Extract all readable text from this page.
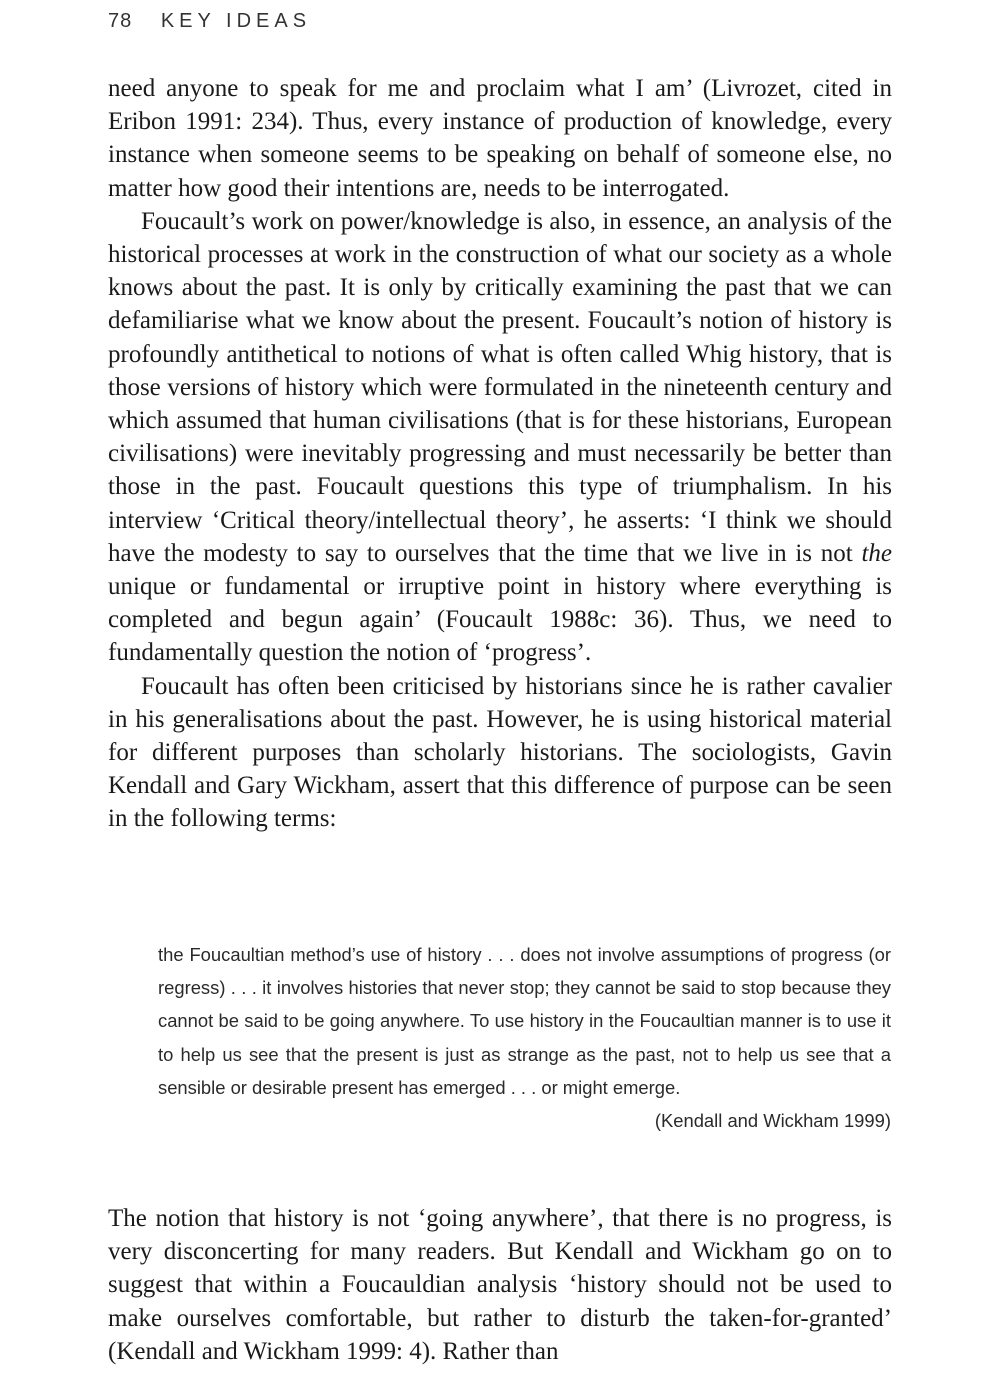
78 KEY IDEAS

need anyone to speak for me and proclaim what I am’ (Livrozet, cited in Eribon 1991: 234). Thus, every instance of production of knowledge, every instance when someone seems to be speaking on behalf of someone else, no matter how good their intentions are, needs to be interrogated.

Foucault’s work on power/knowledge is also, in essence, an analysis of the historical processes at work in the construction of what our society as a whole knows about the past. It is only by critically examining the past that we can defamiliarise what we know about the present. Foucault’s notion of history is profoundly antithetical to notions of what is often called Whig history, that is those versions of history which were formulated in the nineteenth century and which assumed that human civilisations (that is for these historians, European civilisations) were inevitably progressing and must necessarily be better than those in the past. Foucault questions this type of triumphalism. In his interview ‘Critical theory/intellectual theory’, he asserts: ‘I think we should have the modesty to say to ourselves that the time that we live in is not the unique or fundamental or irruptive point in history where everything is completed and begun again’ (Foucault 1988c: 36). Thus, we need to fundamentally question the notion of ‘progress’.

Foucault has often been criticised by historians since he is rather cavalier in his generalisations about the past. However, he is using historical material for different purposes than scholarly historians. The sociologists, Gavin Kendall and Gary Wickham, assert that this difference of purpose can be seen in the following terms:

the Foucaultian method’s use of history . . . does not involve assumptions of progress (or regress) . . . it involves histories that never stop; they cannot be said to stop because they cannot be said to be going anywhere. To use history in the Foucaultian manner is to use it to help us see that the present is just as strange as the past, not to help us see that a sensible or desirable present has emerged . . . or might emerge.

(Kendall and Wickham 1999)

The notion that history is not ‘going anywhere’, that there is no progress, is very disconcerting for many readers. But Kendall and Wickham go on to suggest that within a Foucauldian analysis ‘history should not be used to make ourselves comfortable, but rather to disturb the taken-for-granted’ (Kendall and Wickham 1999: 4). Rather than
